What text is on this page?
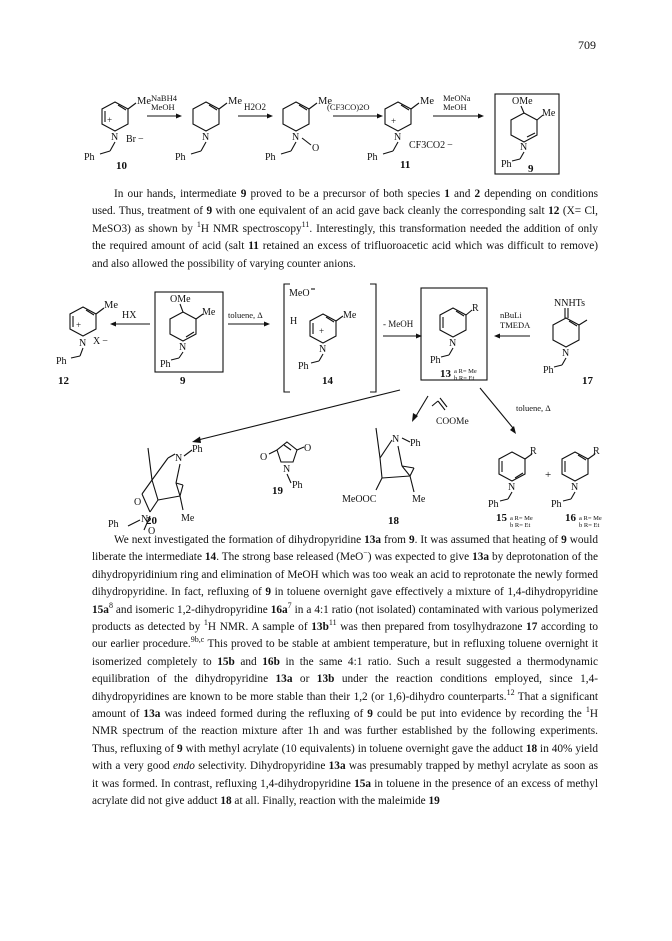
709
Me
+
N Br −
Ph
10
NaBH4
MeOH	Me
N
Ph
H2O2	Me
N
O
Ph
(CF3CO)2O	Me
+
N
CF3CO2 −
Ph
11
MeONa
MeOH	OMe
Me
N
Ph 9

In our hands, intermediate 9 proved to be a precursor of both species 1 and 2 depending on conditions used. Thus, treatment of 9 with one equivalent of an acid gave back cleanly the corresponding salt 12 (X= Cl, MeSO3) as shown by $^1$H NMR spectroscopy$^{11}$. Interestingly, this transformation needed the addition of only the required amount of acid (salt 11 retained an excess of trifluoroacetic acid which was difficult to remove) and also allowed the possibility of varying counter anions.

Me
+
N X −
Ph
12
HX
OMe
Me
N
Ph
9
toluene, Δ
MeO
H
Me
+
N
Ph
14
- MeOH
R
N
Ph
13 a R= Me
b R= Et
nBuLi
TMEDA
NNHTs
N
Ph
17
COOMe
toluene, Δ
N
Ph
Me
O
N
O
Ph 20
O
O
N
Ph
19
N Ph
Me
MeOOC
18
R
N
Ph
15 a R= Me
b R= Et
+
R
N
Ph
16 a R= Me
b R= Et

We next investigated the formation of dihydropyridine 13a from 9. It was assumed that heating of 9 would liberate the intermediate 14. The strong base released (MeO−) was expected to give 13a by deprotonation of the dihydropyridinium ring and elimination of MeOH which was too weak an acid to reprotonate the newly formed dihydropyridine. In fact, refluxing of 9 in toluene overnight gave effectively a mixture of 1,4-dihydropyridine $15a^8$ and isomeric 1,2-dihydropyridine $16a^7$ in a 4:1 ratio (not isolated) contaminated with various polymerized products as detected by $^1$H NMR. A sample of $13b^{11}$ was then prepared from tosylhydrazone 17 according to our earlier procedure.$^{9b,c}$ This proved to be stable at ambient temperature, but in refluxing toluene overnight it isomerized completely to 15b and 16b in the same 4:1 ratio. Such a result suggested a thermodynamic equilibration of the dihydropyridine 13a or 13b under the reaction conditions employed, since 1,4-dihydropyridines are known to be more stable than their 1,2 (or 1,6)-dihydro counterparts.$^{12}$ That a significant amount of 13a was indeed formed during the refluxing of 9 could be put into evidence by recording the $^1$H NMR spectrum of the reaction mixture after 1h and was further established by the following experiments. Thus, refluxing of 9 with methyl acrylate (10 equivalents) in toluene overnight gave the adduct 18 in 40% yield with a very good endo selectivity. Dihydropyridine 13a was presumably trapped by methyl acrylate as soon as it was formed. In contrast, refluxing 1,4-dihydropyridine 15a in toluene in the presence of an excess of methyl acrylate did not give adduct 18 at all. Finally, reaction with the maleimide 19
